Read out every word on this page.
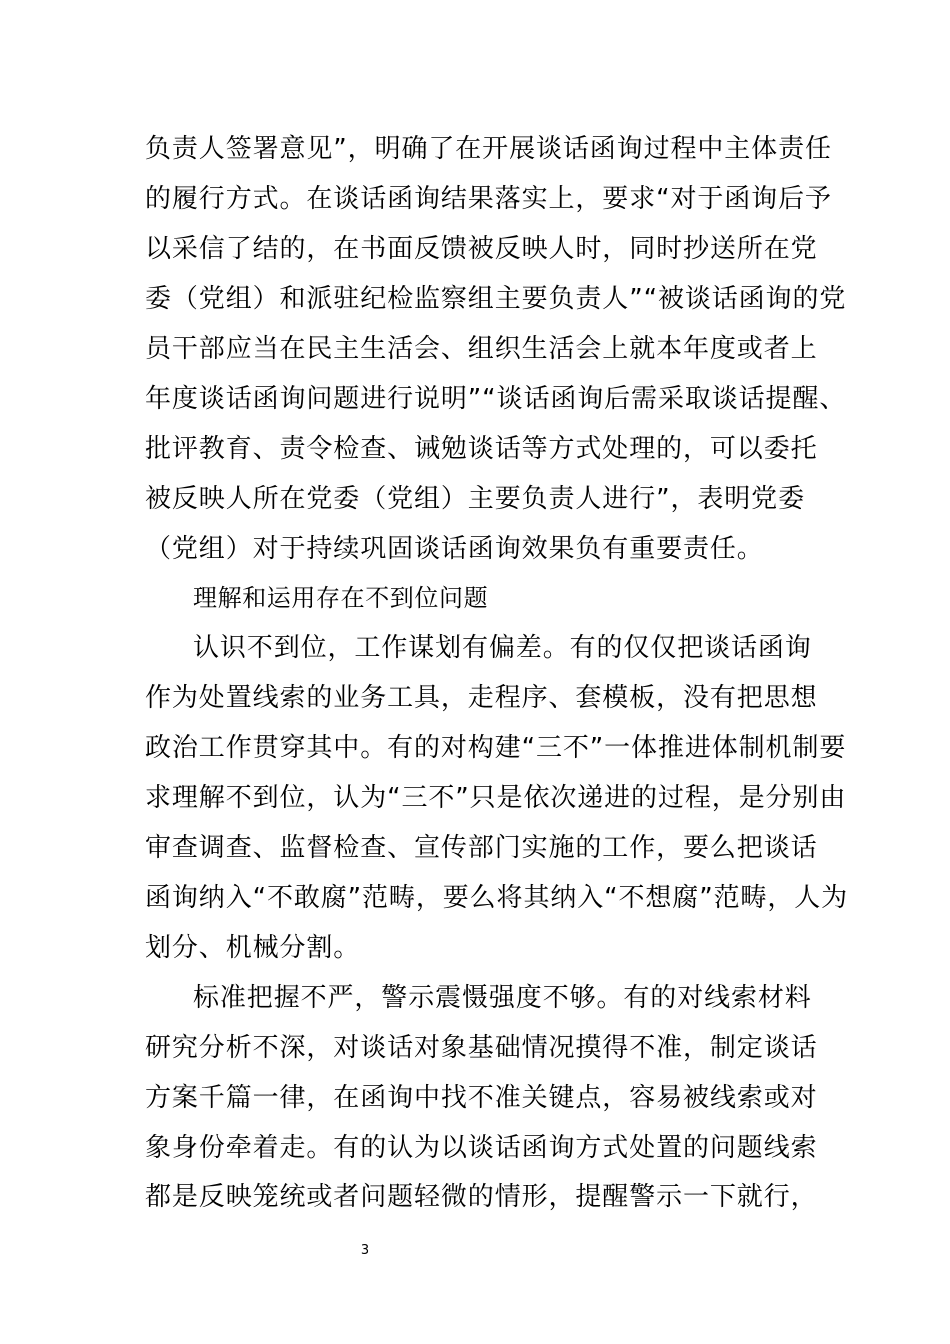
负责人签署意见”，明确了在开展谈话函询过程中主体责任
的履行方式。在谈话函询结果落实上，要求“对于函询后予
以采信了结的，在书面反馈被反映人时，同时抄送所在党
委（党组）和派驻纪检监察组主要负责人”“被谈话函询的党
员干部应当在民主生活会、组织生活会上就本年度或者上
年度谈话函询问题进行说明”“谈话函询后需采取谈话提醒、
批评教育、责令检查、诫勉谈话等方式处理的，可以委托
被反映人所在党委（党组）主要负责人进行”，表明党委
（党组）对于持续巩固谈话函询效果负有重要责任。
理解和运用存在不到位问题
认识不到位，工作谋划有偏差。有的仅仅把谈话函询
作为处置线索的业务工具，走程序、套模板，没有把思想
政治工作贯穿其中。有的对构建“三不”一体推进体制机制要
求理解不到位，认为“三不”只是依次递进的过程，是分别由
审查调查、监督检查、宣传部门实施的工作，要么把谈话
函询纳入“不敢腐”范畴，要么将其纳入“不想腐”范畴，人为
划分、机械分割。
标准把握不严，警示震慑强度不够。有的对线索材料
研究分析不深，对谈话对象基础情况摸得不准，制定谈话
方案千篇一律，在函询中找不准关键点，容易被线索或对
象身份牵着走。有的认为以谈话函询方式处置的问题线索
都是反映笼统或者问题轻微的情形，提醒警示一下就行，
3
